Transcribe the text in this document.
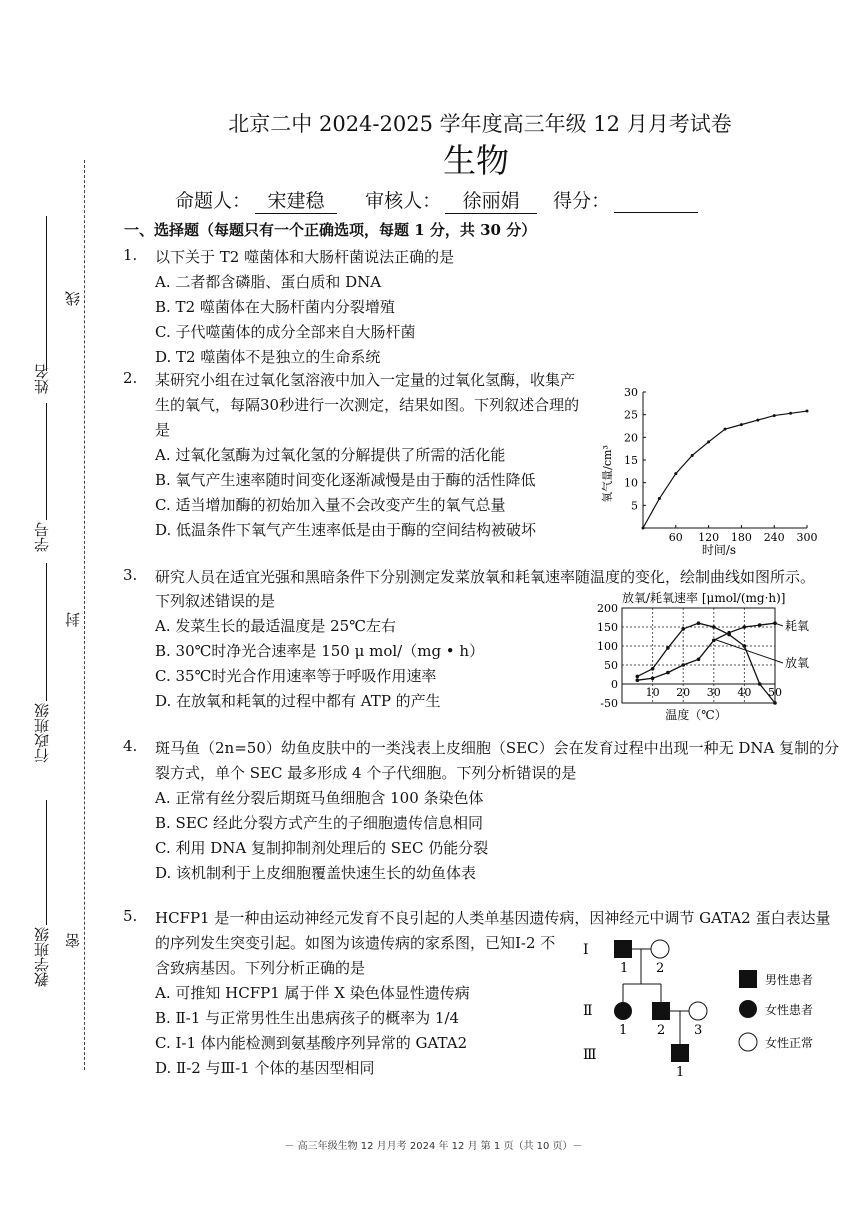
线
姓名
学号
封
行政班级
教学班级 密
北京二中 2024-2025 学年度高三年级 12 月月考试卷
生物
命题人： 宋建稳 审核人： 徐丽娟 得分：
一、选择题（每题只有一个正确选项，每题 1 分，共 30 分）
1. 以下关于 T2 噬菌体和大肠杆菌说法正确的是
A. 二者都含磷脂、蛋白质和 DNA
B. T2 噬菌体在大肠杆菌内分裂增殖
C. 子代噬菌体的成分全部来自大肠杆菌
D. T2 噬菌体不是独立的生命系统
2. 某研究小组在过氧化氢溶液中加入一定量的过氧化氢酶，收集产
生的氧气，每隔30秒进行一次测定，结果如图。下列叙述合理的
是
A. 过氧化氢酶为过氧化氢的分解提供了所需的活化能
B. 氧气产生速率随时间变化逐渐减慢是由于酶的活性降低
C. 适当增加酶的初始加入量不会改变产生的氧气总量
D. 低温条件下氧气产生速率低是由于酶的空间结构被破坏	60 120 180 240 300
5
10
15
20
25
30
时间/s
氧气量/cm³
3. 研究人员在适宜光强和黑暗条件下分别测定发菜放氧和耗氧速率随温度的变化，绘制曲线如图所示。
下列叙述错误的是
A. 发菜生长的最适温度是 25℃左右
B. 30℃时净光合速率是 150 μ mol/（mg • h）
C. 35℃时光合作用速率等于呼吸作用速率
D. 在放氧和耗氧的过程中都有 ATP 的产生
放氧/耗氧速率 [μmol/(mg·h)]
10 20 30 40 50
-50
0
50
100
150
200
耗氧
放氧
温度（℃）
4. 斑马鱼（2n=50）幼鱼皮肤中的一类浅表上皮细胞（SEC）会在发育过程中出现一种无 DNA 复制的分
裂方式，单个 SEC 最多形成 4 个子代细胞。下列分析错误的是
A. 正常有丝分裂后期斑马鱼细胞含 100 条染色体
B. SEC 经此分裂方式产生的子细胞遗传信息相同
C. 利用 DNA 复制抑制剂处理后的 SEC 仍能分裂
D. 该机制利于上皮细胞覆盖快速生长的幼鱼体表
5. HCFP1 是一种由运动神经元发育不良引起的人类单基因遗传病，因神经元中调节 GATA2 蛋白表达量
的序列发生突变引起。如图为该遗传病的家系图，已知Ⅰ-2 不
含致病基因。下列分析正确的是
A. 可推知 HCFP1 属于伴 X 染色体显性遗传病
B. Ⅱ-1 与正常男性生出患病孩子的概率为 1/4
C. Ⅰ-1 体内能检测到氨基酸序列异常的 GATA2
D. Ⅱ-2 与Ⅲ-1 个体的基因型相同
Ⅰ
Ⅱ
Ⅲ
1 2
1 2 3
1
男性患者
女性患者
女性正常
－ 高三年级生物 12 月月考 2024 年 12 月 第 1 页（共 10 页）－
